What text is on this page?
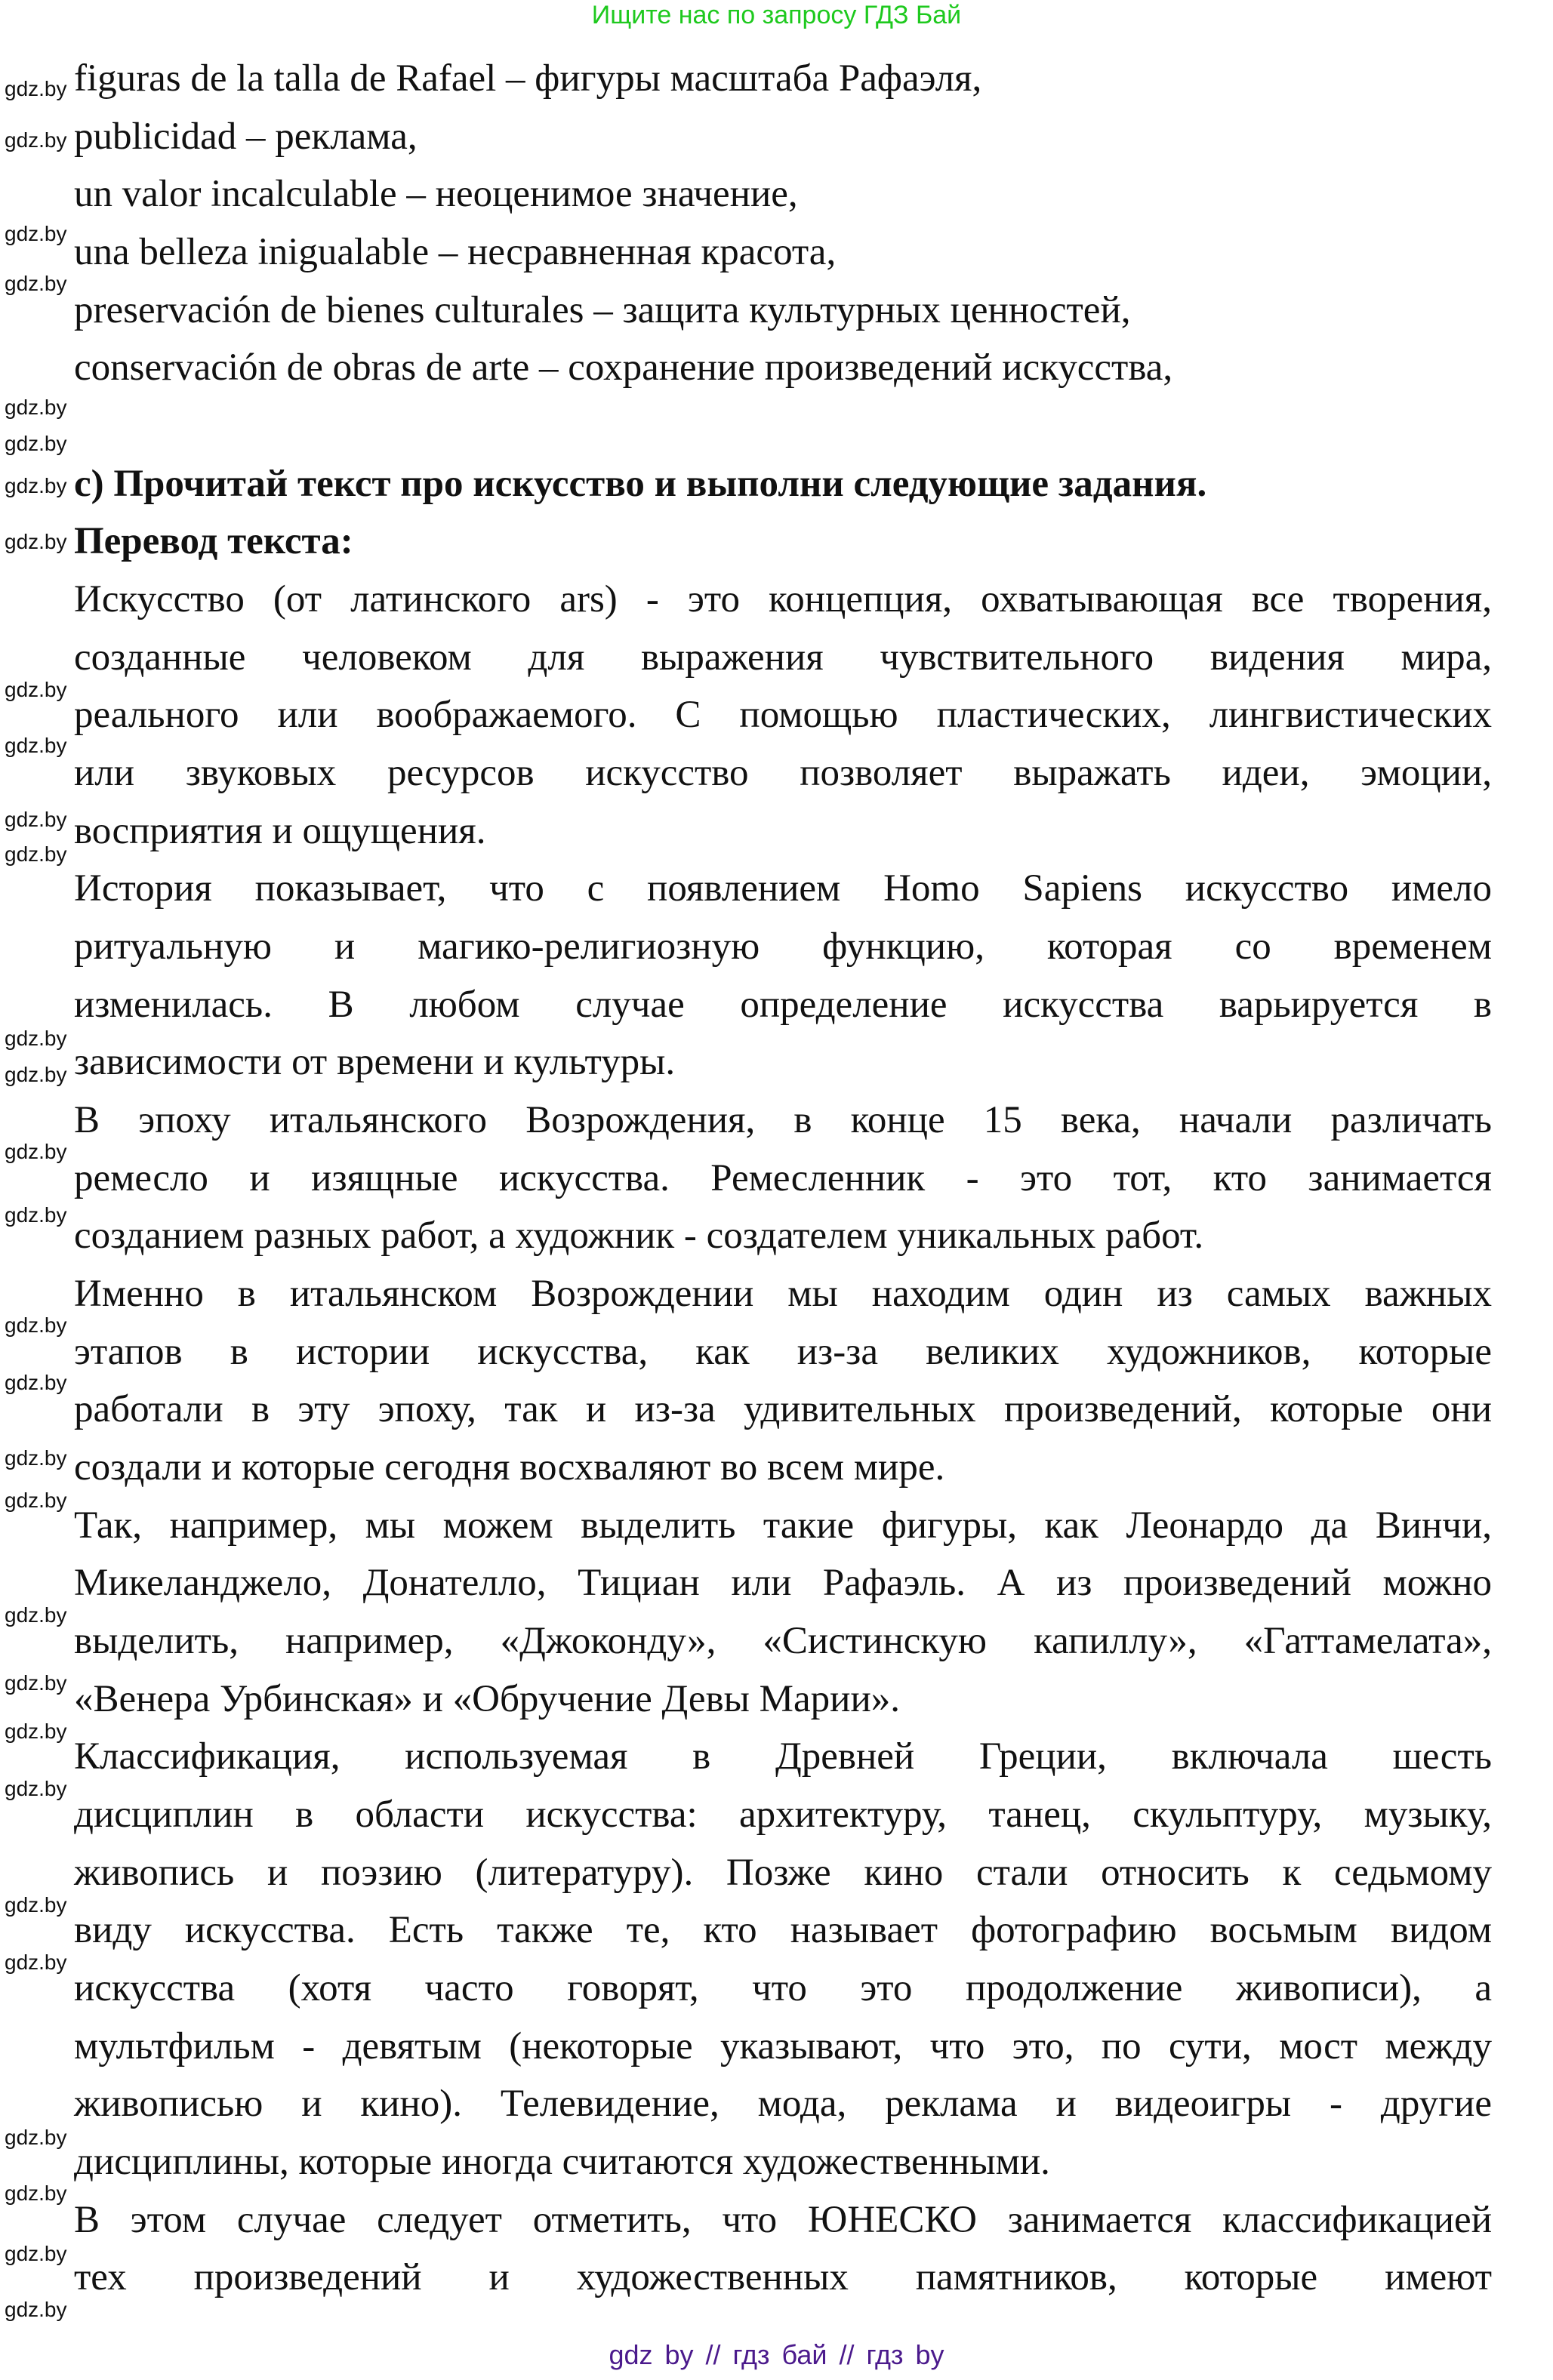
Ищите нас по запросу ГДЗ Бай
figuras de la talla de Rafael – фигуры масштаба Рафаэля,
publicidad – реклама,
un valor incalculable – неоценимое значение,
una belleza inigualable – несравненная красота,
preservación de bienes culturales – защита культурных ценностей,
conservación de obras de arte – сохранение произведений искусства,
c) Прочитай текст про искусство и выполни следующие задания.
Перевод текста:
Искусство (от латинского ars) - это концепция, охватывающая все творения,
созданные человеком для выражения чувствительного видения мира,
реального или воображаемого. С помощью пластических, лингвистических
или звуковых ресурсов искусство позволяет выражать идеи, эмоции,
восприятия и ощущения.
История показывает, что с появлением Homo Sapiens искусство имело
ритуальную и магико-религиозную функцию, которая со временем
изменилась. В любом случае определение искусства варьируется в
зависимости от времени и культуры.
В эпоху итальянского Возрождения, в конце 15 века, начали различать
ремесло и изящные искусства. Ремесленник - это тот, кто занимается
созданием разных работ, а художник - создателем уникальных работ.
Именно в итальянском Возрождении мы находим один из самых важных
этапов в истории искусства, как из-за великих художников, которые
работали в эту эпоху, так и из-за удивительных произведений, которые они
создали и которые сегодня восхваляют во всем мире.
Так, например, мы можем выделить такие фигуры, как Леонардо да Винчи,
Микеланджело, Донателло, Тициан или Рафаэль. А из произведений можно
выделить, например, «Джоконду», «Систинскую капиллу», «Гаттамелата»,
«Венера Урбинская» и «Обручение Девы Марии».
Классификация, используемая в Древней Греции, включала шесть
дисциплин в области искусства: архитектуру, танец, скульптуру, музыку,
живопись и поэзию (литературу). Позже кино стали относить к седьмому
виду искусства. Есть также те, кто называет фотографию восьмым видом
искусства (хотя часто говорят, что это продолжение живописи), а
мультфильм - девятым (некоторые указывают, что это, по сути, мост между
живописью и кино). Телевидение, мода, реклама и видеоигры - другие
дисциплины, которые иногда считаются художественными.
В этом случае следует отметить, что ЮНЕСКО занимается классификацией
тех произведений и художественных памятников, которые имеют
gdz.by
gdz.by
gdz.by
gdz.by
gdz.by
gdz.by
gdz.by
gdz.by
gdz.by
gdz.by
gdz.by
gdz.by
gdz.by
gdz.by
gdz.by
gdz.by
gdz.by
gdz.by
gdz.by
gdz.by
gdz.by
gdz.by
gdz.by
gdz.by
gdz.by
gdz.by
gdz.by
gdz.by
gdz.by
gdz.by
gdz by // гдз бай // гдз by
